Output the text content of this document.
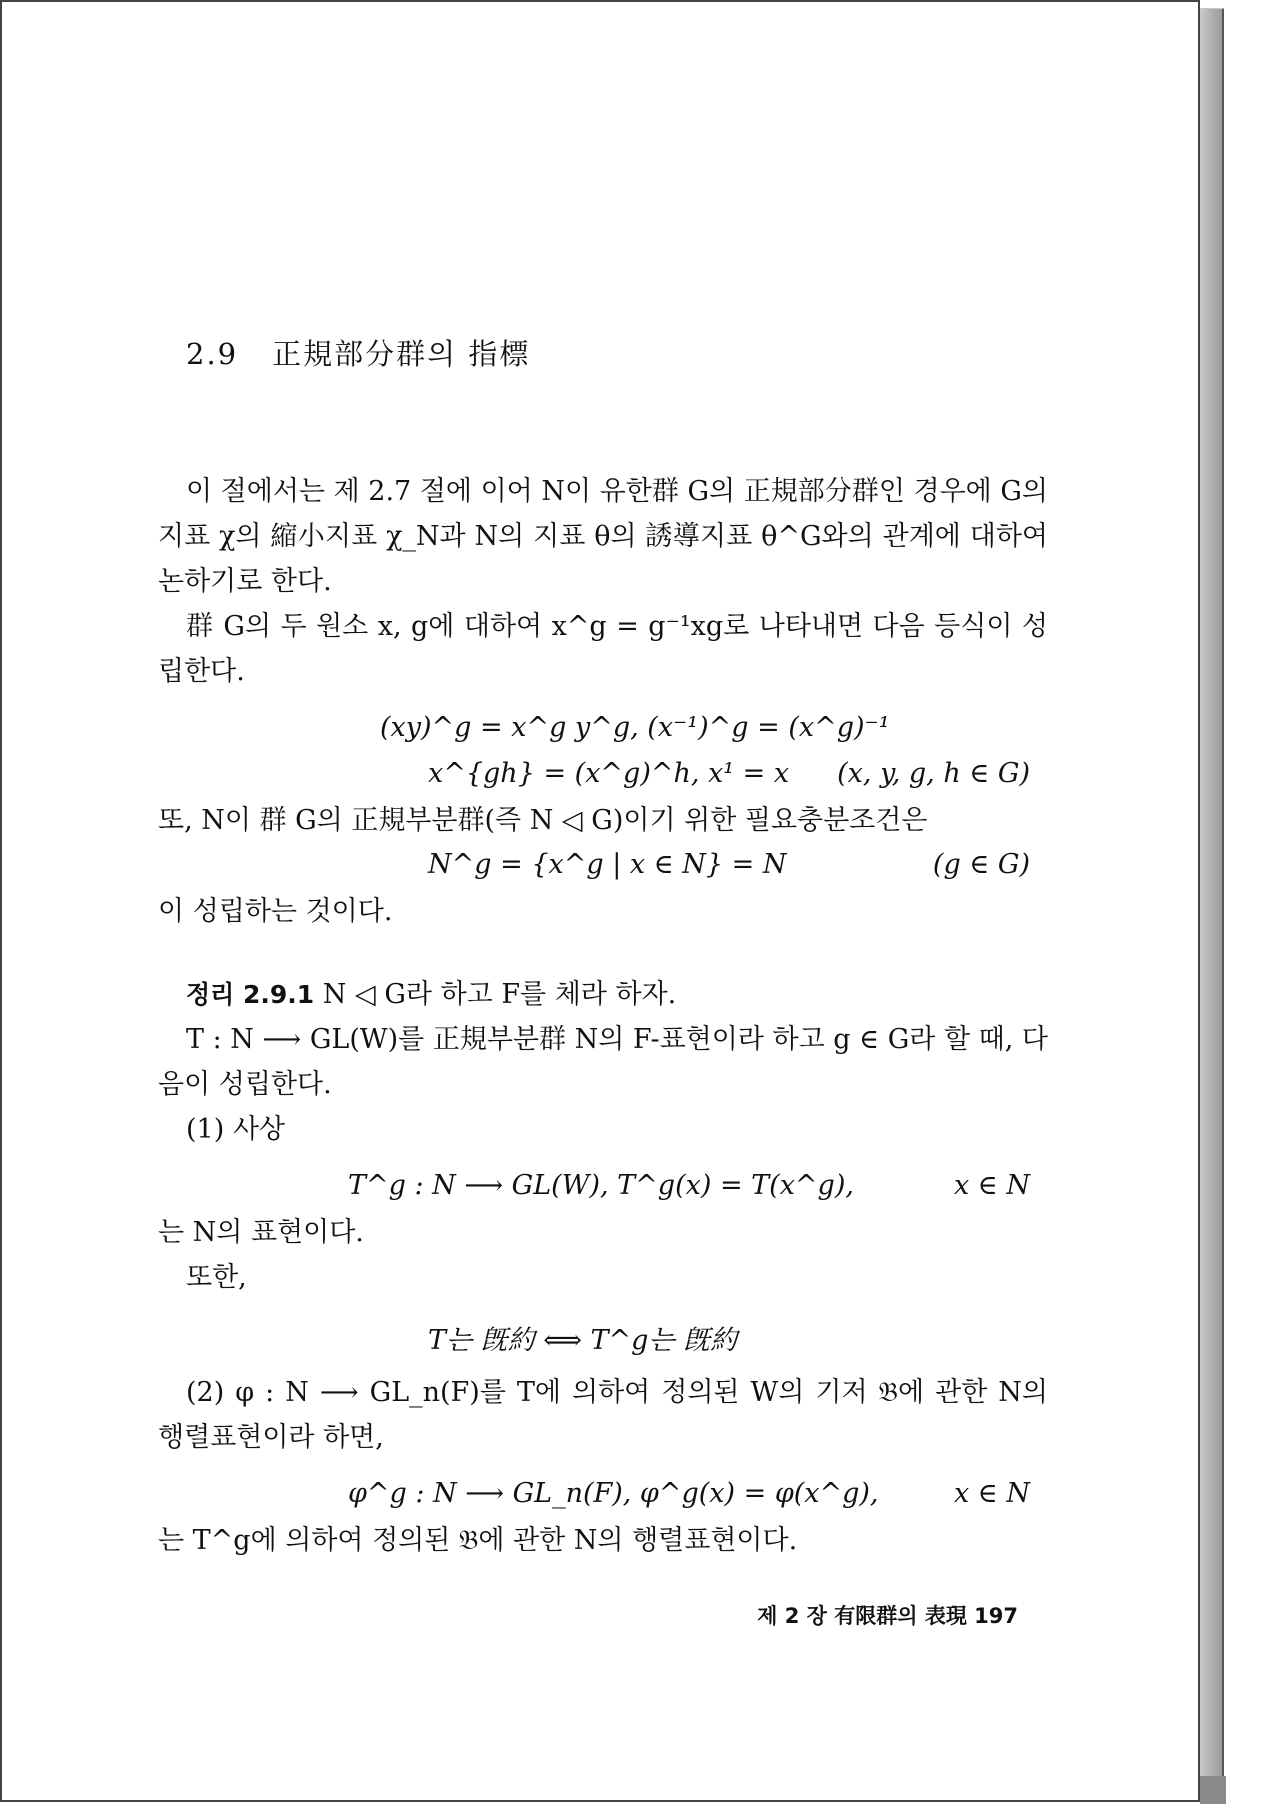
2.9 正規部分群의 指標

이 절에서는 제 2.7 절에 이어 N이 유한群 G의 正規部分群인 경우에 G의 지표 χ의 縮小지표 χ_N과 N의 지표 θ의 誘導지표 θ^G와의 관계에 대하여 논하기로 한다.

群 G의 두 원소 x, g에 대하여 x^g = g⁻¹xg로 나타내면 다음 등식이 성립한다.

(xy)^g = x^g y^g, (x⁻¹)^g = (x^g)⁻¹
x^{gh} = (x^g)^h, x¹ = x (x, y, g, h ∈ G)

또, N이 群 G의 正規부분群(즉 N ◁ G)이기 위한 필요충분조건은

N^g = {x^g | x ∈ N} = N	(g ∈ G)

이 성립하는 것이다.

정리 2.9.1 N ◁ G라 하고 F를 체라 하자.

T : N ⟶ GL(W)를 正規부분群 N의 F-표현이라 하고 g ∈ G라 할 때, 다음이 성립한다.

(1) 사상

T^g : N ⟶ GL(W), T^g(x) = T(x^g),	x ∈ N

는 N의 표현이다.

또한,

T는 旣約 ⟺ T^g는 旣約

(2) φ : N ⟶ GL_n(F)를 T에 의하여 정의된 W의 기저 𝔅에 관한 N의 행렬표현이라 하면,

φ^g : N ⟶ GL_n(F), φ^g(x) = φ(x^g),	x ∈ N

는 T^g에 의하여 정의된 𝔅에 관한 N의 행렬표현이다.

제 2 장 有限群의 表現 197
